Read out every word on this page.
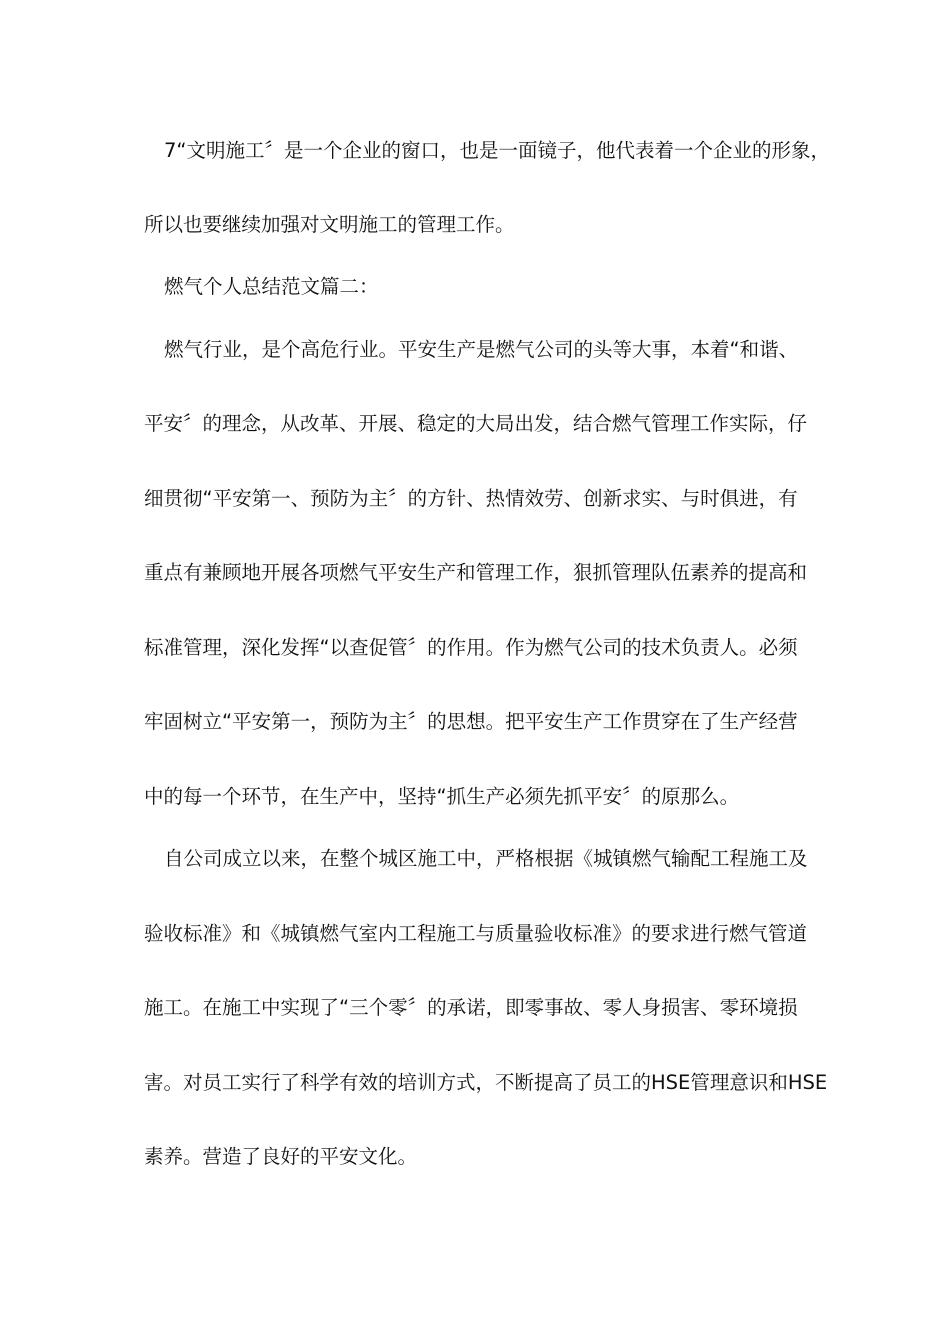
7“文明施工〞是一个企业的窗口，也是一面镜子，他代表着一个企业的形象，
所以也要继续加强对文明施工的管理工作。
燃气个人总结范文篇二：
燃气行业，是个高危行业。平安生产是燃气公司的头等大事，本着“和谐、
平安〞的理念，从改革、开展、稳定的大局出发，结合燃气管理工作实际，仔
细贯彻“平安第一、预防为主〞的方针、热情效劳、创新求实、与时俱进，有
重点有兼顾地开展各项燃气平安生产和管理工作，狠抓管理队伍素养的提高和
标准管理，深化发挥“以查促管〞的作用。作为燃气公司的技术负责人。必须
牢固树立“平安第一，预防为主〞的思想。把平安生产工作贯穿在了生产经营
中的每一个环节，在生产中，坚持“抓生产必须先抓平安〞的原那么。
自公司成立以来，在整个城区施工中，严格根据《城镇燃气输配工程施工及
验收标准》和《城镇燃气室内工程施工与质量验收标准》的要求进行燃气管道
施工。在施工中实现了“三个零〞的承诺，即零事故、零人身损害、零环境损
害。对员工实行了科学有效的培训方式，不断提高了员工的HSE管理意识和HSE
素养。营造了良好的平安文化。
